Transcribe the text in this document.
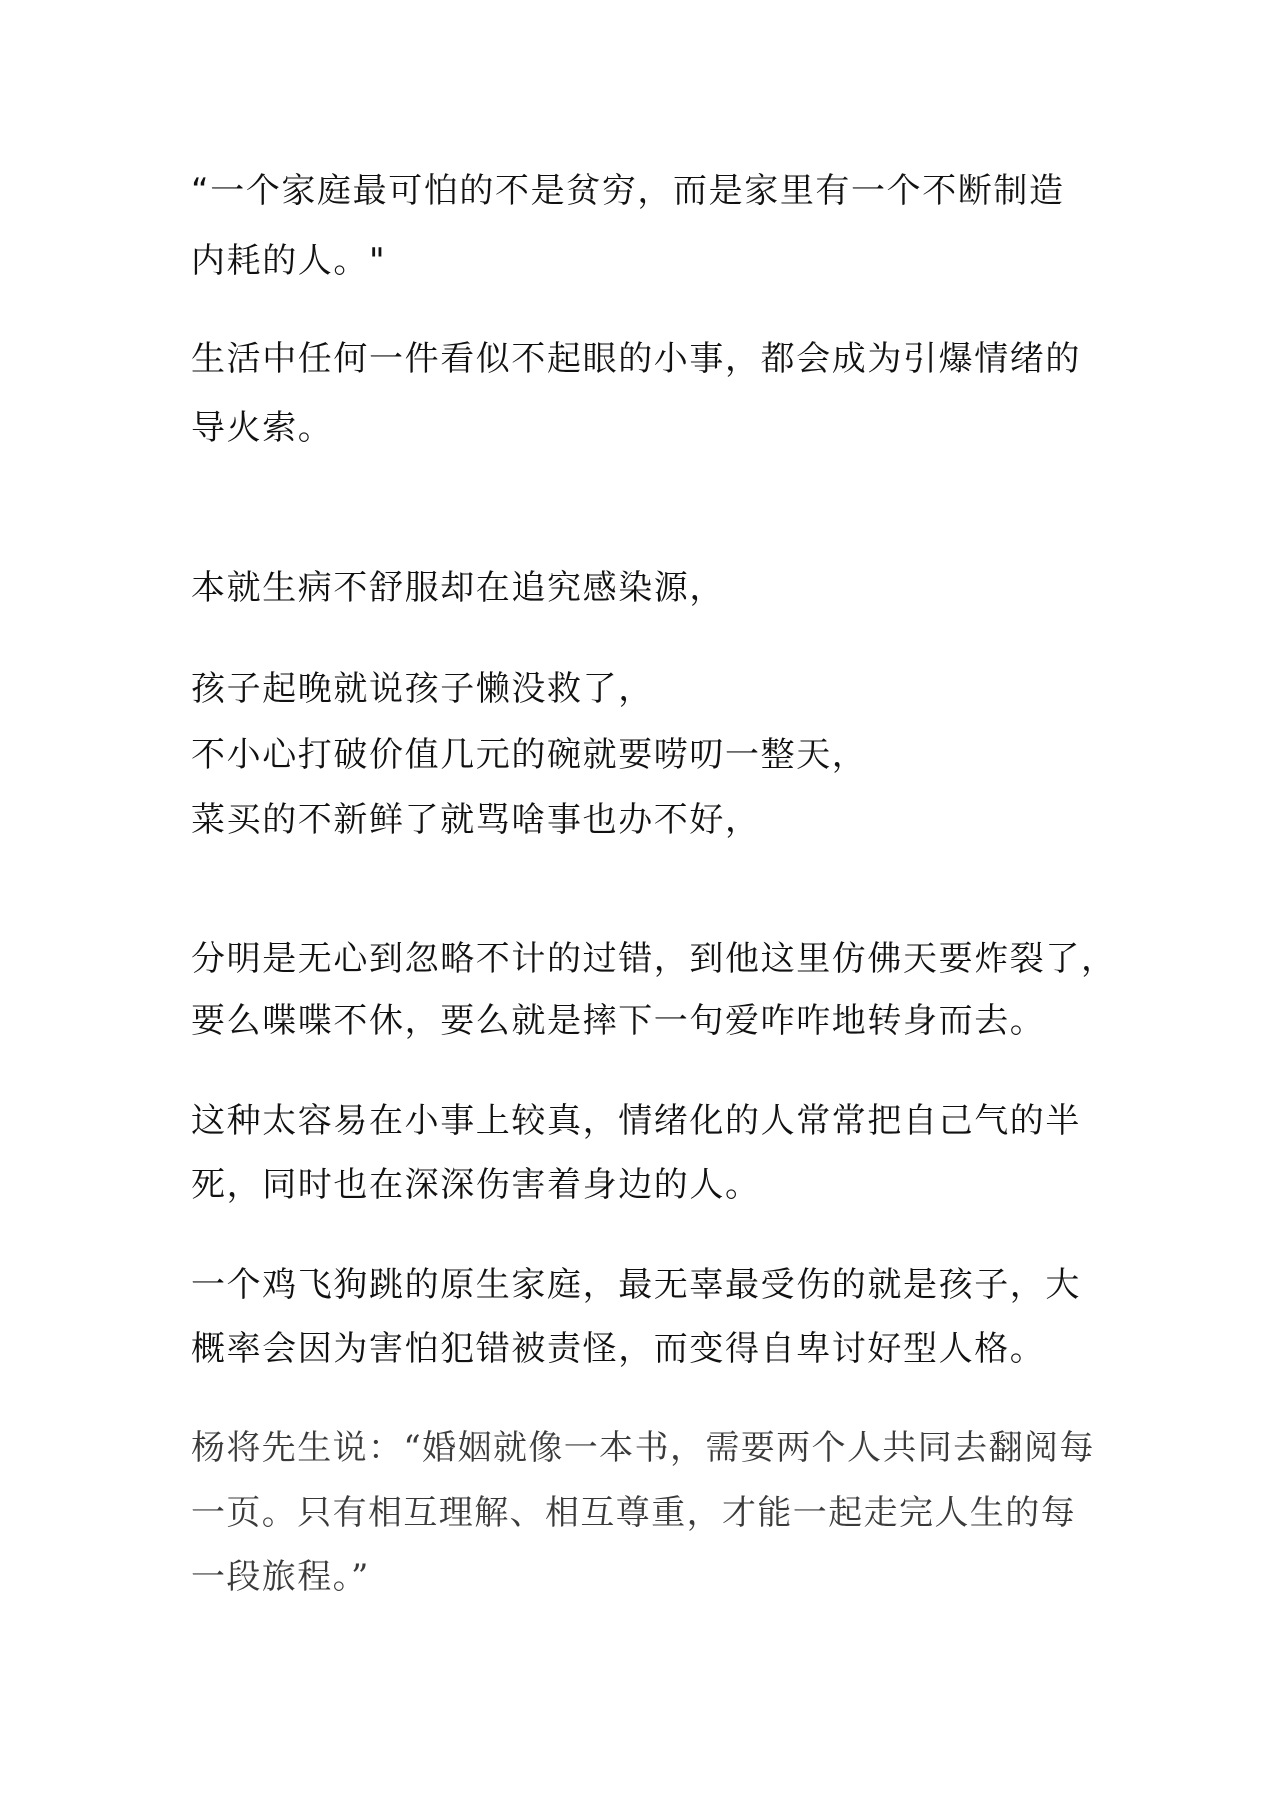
“一个家庭最可怕的不是贫穷，而是家里有一个不断制造
内耗的人。"
生活中任何一件看似不起眼的小事，都会成为引爆情绪的
导火索。
本就生病不舒服却在追究感染源，
孩子起晚就说孩子懒没救了，
不小心打破价值几元的碗就要唠叨一整天，
菜买的不新鲜了就骂啥事也办不好，
分明是无心到忽略不计的过错，到他这里仿佛天要炸裂了，
要么喋喋不休，要么就是摔下一句爱咋咋地转身而去。
这种太容易在小事上较真，情绪化的人常常把自己气的半
死，同时也在深深伤害着身边的人。
一个鸡飞狗跳的原生家庭，最无辜最受伤的就是孩子，大
概率会因为害怕犯错被责怪，而变得自卑讨好型人格。
杨将先生说：“婚姻就像一本书，需要两个人共同去翻阅每
一页。只有相互理解、相互尊重，才能一起走完人生的每
一段旅程。”
